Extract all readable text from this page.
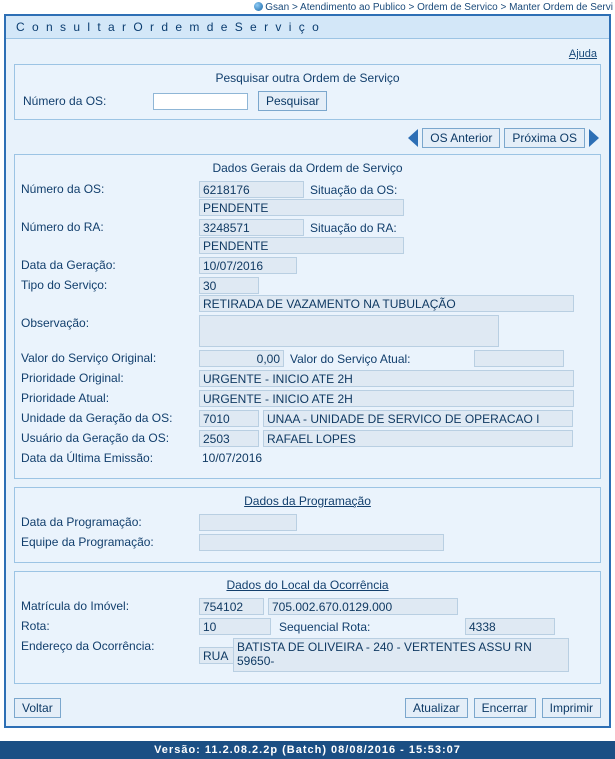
Gsan > Atendimento ao Publico > Ordem de Servico > Manter Ordem de Servi
C o n s u l t a r O r d e m d e S e r v i ç o
Ajuda
Pesquisar outra Ordem de Serviço
Número da OS:	Pesquisar
OS Anterior	Próxima OS
Dados Gerais da Ordem de Serviço
Número da OS:	6218176	Situação da OS:
PENDENTE
Número do RA:	3248571	Situação do RA:
PENDENTE
Data da Geração:	10/07/2016
Tipo do Serviço:	30
RETIRADA DE VAZAMENTO NA TUBULAÇÃO
Observação:
Valor do Serviço Original:	0,00 Valor do Serviço Atual:
Prioridade Original:	URGENTE - INICIO ATE 2H
Prioridade Atual:	URGENTE - INICIO ATE 2H
Unidade da Geração da OS:	7010	UNAA - UNIDADE DE SERVICO DE OPERACAO I
Usuário da Geração da OS:	2503	RAFAEL LOPES
Data da Última Emissão:	10/07/2016
Dados da Programação
Data da Programação:
Equipe da Programação:
Dados do Local da Ocorrência
Matrícula do Imóvel:	754102	705.002.670.0129.000
Rota:	10	Sequencial Rota:	4338
Endereço da Ocorrência:
RUA
BATISTA DE OLIVEIRA - 240 - VERTENTES ASSU RN 59650-
Voltar	Atualizar	Encerrar	Imprimir
Versão: 11.2.08.2.2p (Batch) 08/08/2016 - 15:53:07
